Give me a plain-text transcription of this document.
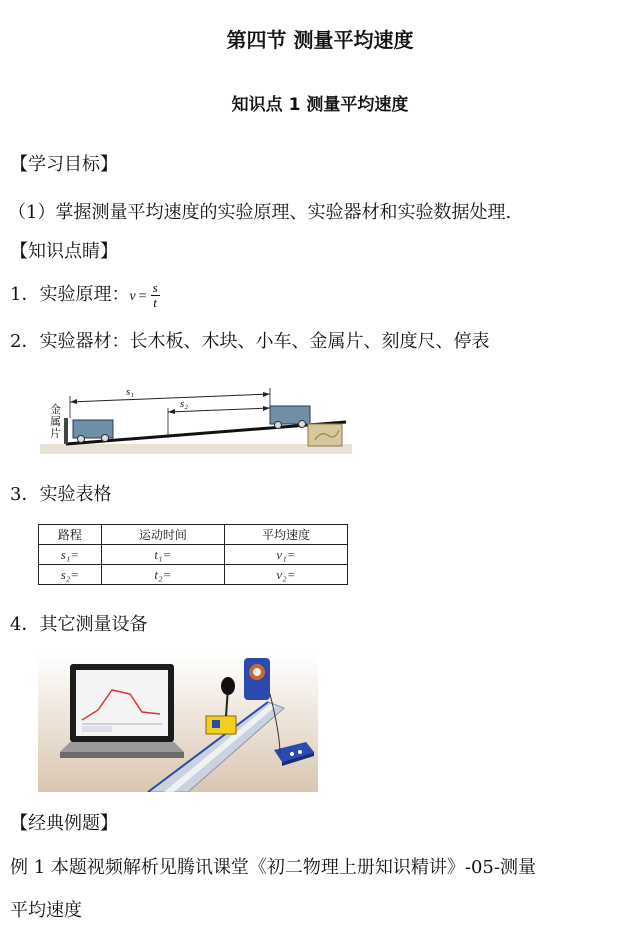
第四节 测量平均速度
知识点 1 测量平均速度
【学习目标】
（1）掌握测量平均速度的实验原理、实验器材和实验数据处理.
【知识点睛】
1．实验原理：$v = \frac{s}{t}$
2．实验器材：长木板、木块、小车、金属片、刻度尺、停表
s₁
s₂
金
属
片
3．实验表格
路程	运动时间	平均速度
s₁=	t₁=	v₁=
s₂=	t₂=	v₂=
4．其它测量设备
【经典例题】
例 1 本题视频解析见腾讯课堂《初二物理上册知识精讲》-05-测量
平均速度
